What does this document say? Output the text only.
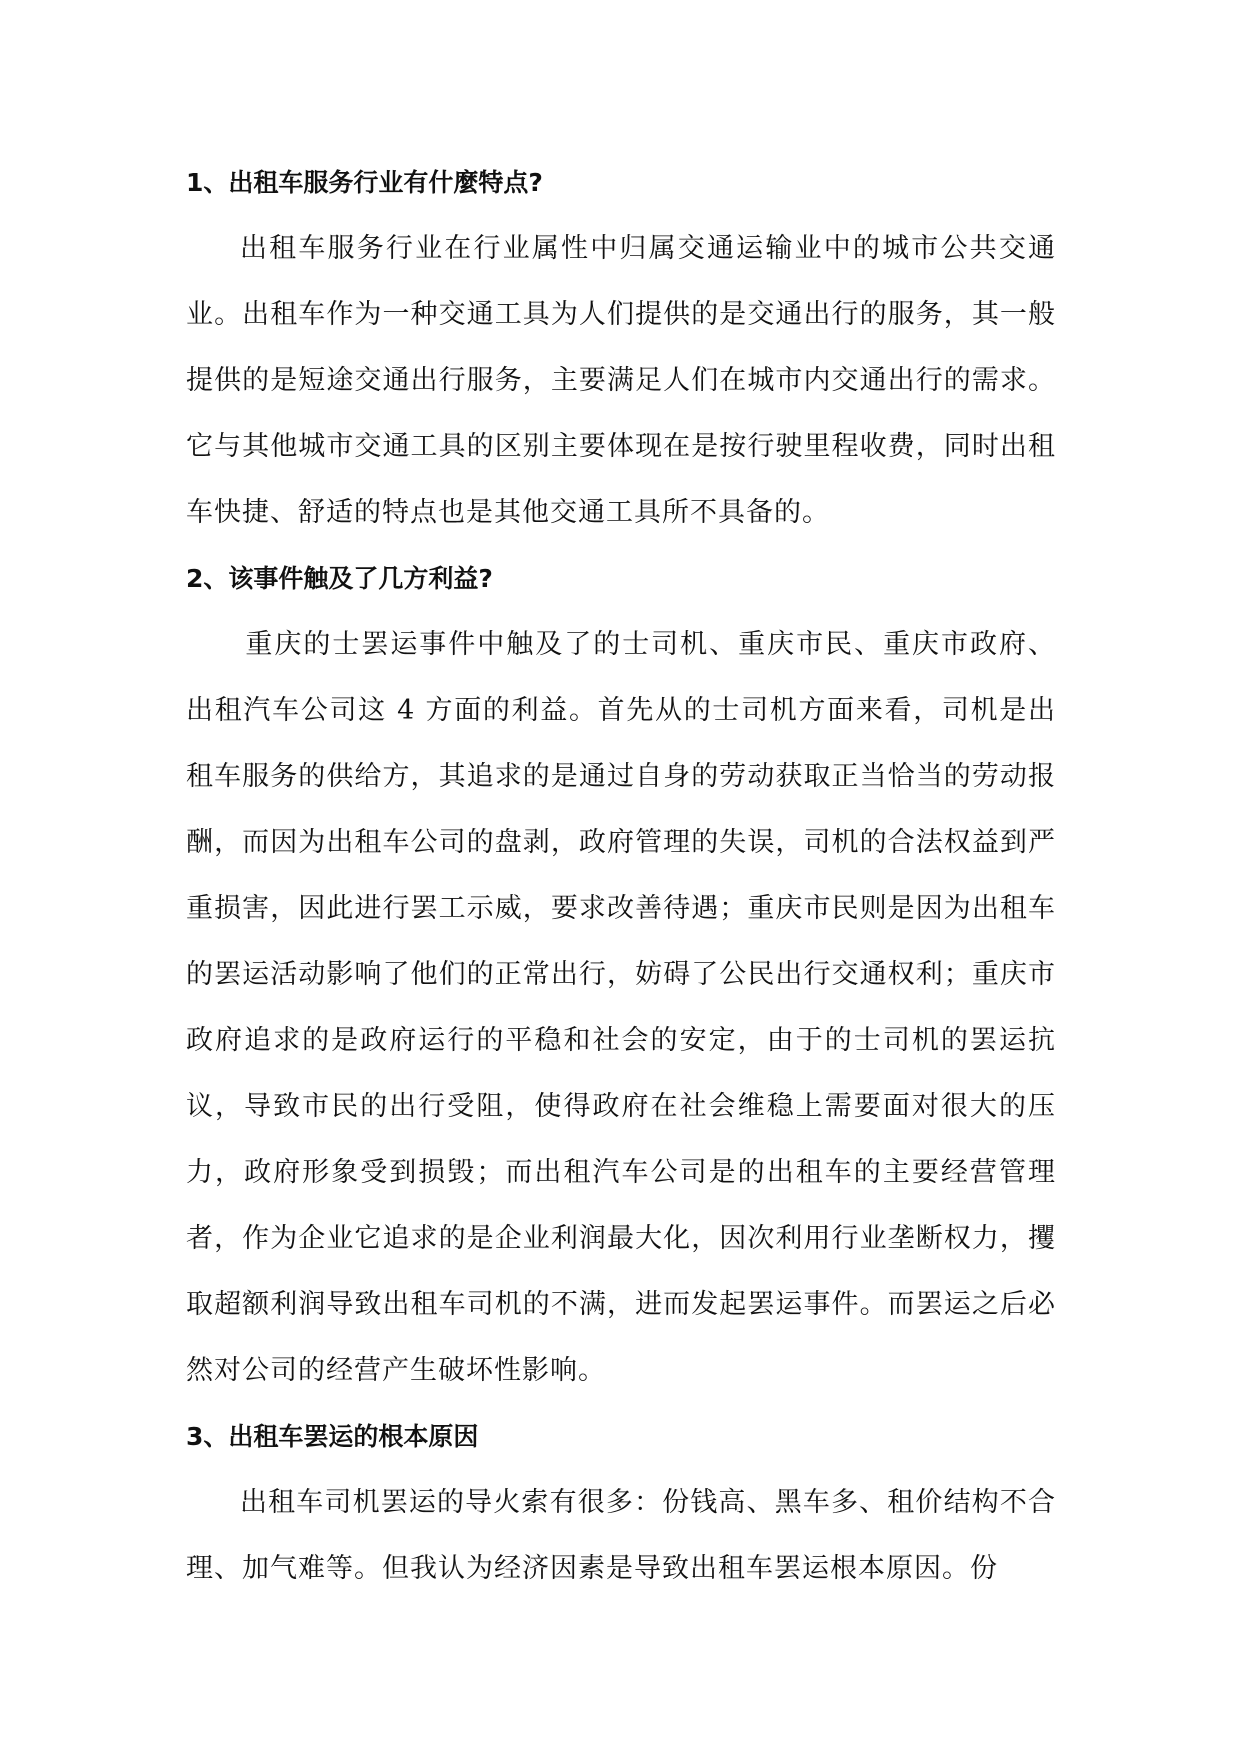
1、出租车服务行业有什麼特点?

出租车服务行业在行业属性中归属交通运输业中的城市公共交通业。出租车作为一种交通工具为人们提供的是交通出行的服务，其一般提供的是短途交通出行服务，主要满足人们在城市内交通出行的需求。它与其他城市交通工具的区别主要体现在是按行驶里程收费，同时出租车快捷、舒适的特点也是其他交通工具所不具备的。

2、该事件触及了几方利益?

重庆的士罢运事件中触及了的士司机、重庆市民、重庆市政府、出租汽车公司这 4 方面的利益。首先从的士司机方面来看，司机是出租车服务的供给方，其追求的是通过自身的劳动获取正当恰当的劳动报酬，而因为出租车公司的盘剥，政府管理的失误，司机的合法权益到严重损害，因此进行罢工示威，要求改善待遇；重庆市民则是因为出租车的罢运活动影响了他们的正常出行，妨碍了公民出行交通权利；重庆市政府追求的是政府运行的平稳和社会的安定，由于的士司机的罢运抗议，导致市民的出行受阻，使得政府在社会维稳上需要面对很大的压力，政府形象受到损毁；而出租汽车公司是的出租车的主要经营管理者，作为企业它追求的是企业利润最大化，因次利用行业垄断权力，攫取超额利润导致出租车司机的不满，进而发起罢运事件。而罢运之后必然对公司的经营产生破坏性影响。

3、出租车罢运的根本原因

出租车司机罢运的导火索有很多：份钱高、黑车多、租价结构不合理、加气难等。但我认为经济因素是导致出租车罢运根本原因。份
